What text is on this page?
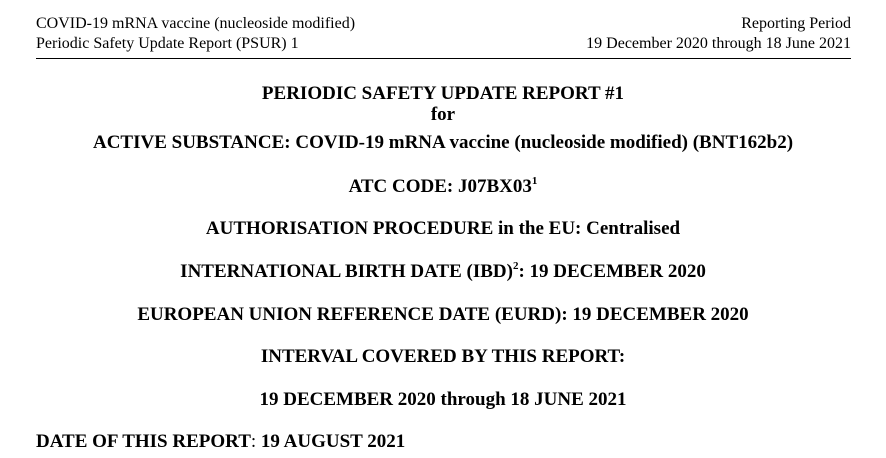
COVID-19 mRNA vaccine (nucleoside modified)
Periodic Safety Update Report (PSUR) 1
Reporting Period
19 December 2020 through 18 June 2021
PERIODIC SAFETY UPDATE REPORT #1
for
ACTIVE SUBSTANCE: COVID-19 mRNA vaccine (nucleoside modified) (BNT162b2)
ATC CODE: $J07BX03^1$
AUTHORISATION PROCEDURE in the EU: Centralised
INTERNATIONAL BIRTH DATE (IBD)$^2$: 19 DECEMBER 2020
EUROPEAN UNION REFERENCE DATE (EURD): 19 DECEMBER 2020
INTERVAL COVERED BY THIS REPORT:
19 DECEMBER 2020 through 18 JUNE 2021
DATE OF THIS REPORT: 19 AUGUST 2021
